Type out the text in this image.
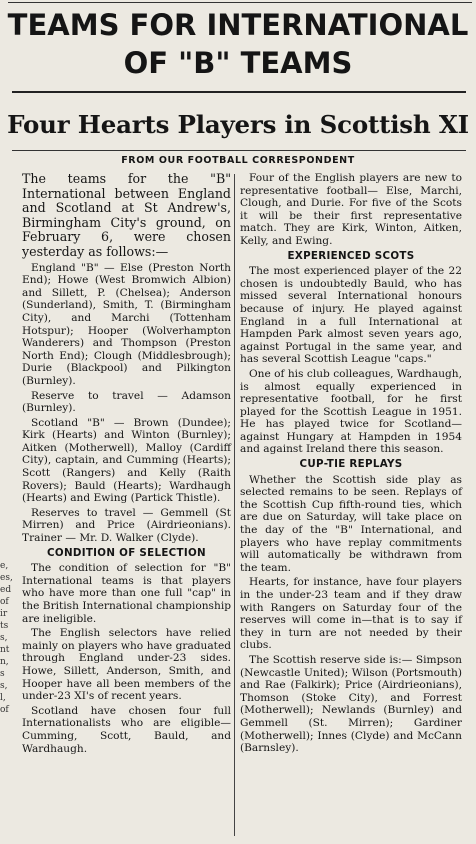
TEAMS FOR INTERNATIONAL
OF "B" TEAMS
Four Hearts Players in Scottish XI
FROM OUR FOOTBALL CORRESPONDENT

The teams for the "B" International between England and Scotland at St Andrew's, Birmingham City's ground, on February 6, were chosen yesterday as follows:—

England "B" — Else (Preston North End); Howe (West Bromwich Albion) and Sillett, P. (Chelsea); Anderson (Sunderland), Smith, T. (Birmingham City), and Marchi (Tottenham Hotspur); Hooper (Wolverhampton Wanderers) and Thompson (Preston North End); Clough (Middlesbrough); Durie (Blackpool) and Pilkington (Burnley).

Reserve to travel — Adamson (Burnley).

Scotland "B" — Brown (Dundee); Kirk (Hearts) and Winton (Burnley); Aitken (Motherwell), Malloy (Cardiff City), captain, and Cumming (Hearts); Scott (Rangers) and Kelly (Raith Rovers); Bauld (Hearts); Wardhaugh (Hearts) and Ewing (Partick Thistle).

Reserves to travel — Gemmell (St Mirren) and Price (Airdrieonians). Trainer — Mr. D. Walker (Clyde).

CONDITION OF SELECTION

The condition of selection for "B" International teams is that players who have more than one full "cap" in the British International championship are ineligible.

The English selectors have relied mainly on players who have graduated through England under-23 sides. Howe, Sillett, Anderson, Smith, and Hooper have all been members of the under-23 XI's of recent years.

Scotland have chosen four full Internationalists who are eligible— Cumming, Scott, Bauld, and Wardhaugh.

Four of the English players are new to representative football— Else, Marchi, Clough, and Durie. For five of the Scots it will be their first representative match. They are Kirk, Winton, Aitken, Kelly, and Ewing.

EXPERIENCED SCOTS

The most experienced player of the 22 chosen is undoubtedly Bauld, who has missed several International honours because of injury. He played against England in a full International at Hampden Park almost seven years ago, against Portugal in the same year, and has several Scottish League "caps."

One of his club colleagues, Wardhaugh, is almost equally experienced in representative football, for he first played for the Scottish League in 1951. He has played twice for Scotland—against Hungary at Hampden in 1954 and against Ireland there this season.

CUP-TIE REPLAYS

Whether the Scottish side play as selected remains to be seen. Replays of the Scottish Cup fifth-round ties, which are due on Saturday, will take place on the day of the "B" International, and players who have replay commitments will automatically be withdrawn from the team.

Hearts, for instance, have four players in the under-23 team and if they draw with Rangers on Saturday four of the reserves will come in—that is to say if they in turn are not needed by their clubs.

The Scottish reserve side is:— Simpson (Newcastle United); Wilson (Portsmouth) and Rae (Falkirk); Price (Airdrieonians), Thomson (Stoke City), and Forrest (Motherwell); Newlands (Burnley) and Gemmell (St. Mirren); Gardiner (Motherwell); Innes (Clyde) and McCann (Barnsley).

e,
es,
ed
of
ir
ts
s,
nt
n,
s
s,
l,
of
